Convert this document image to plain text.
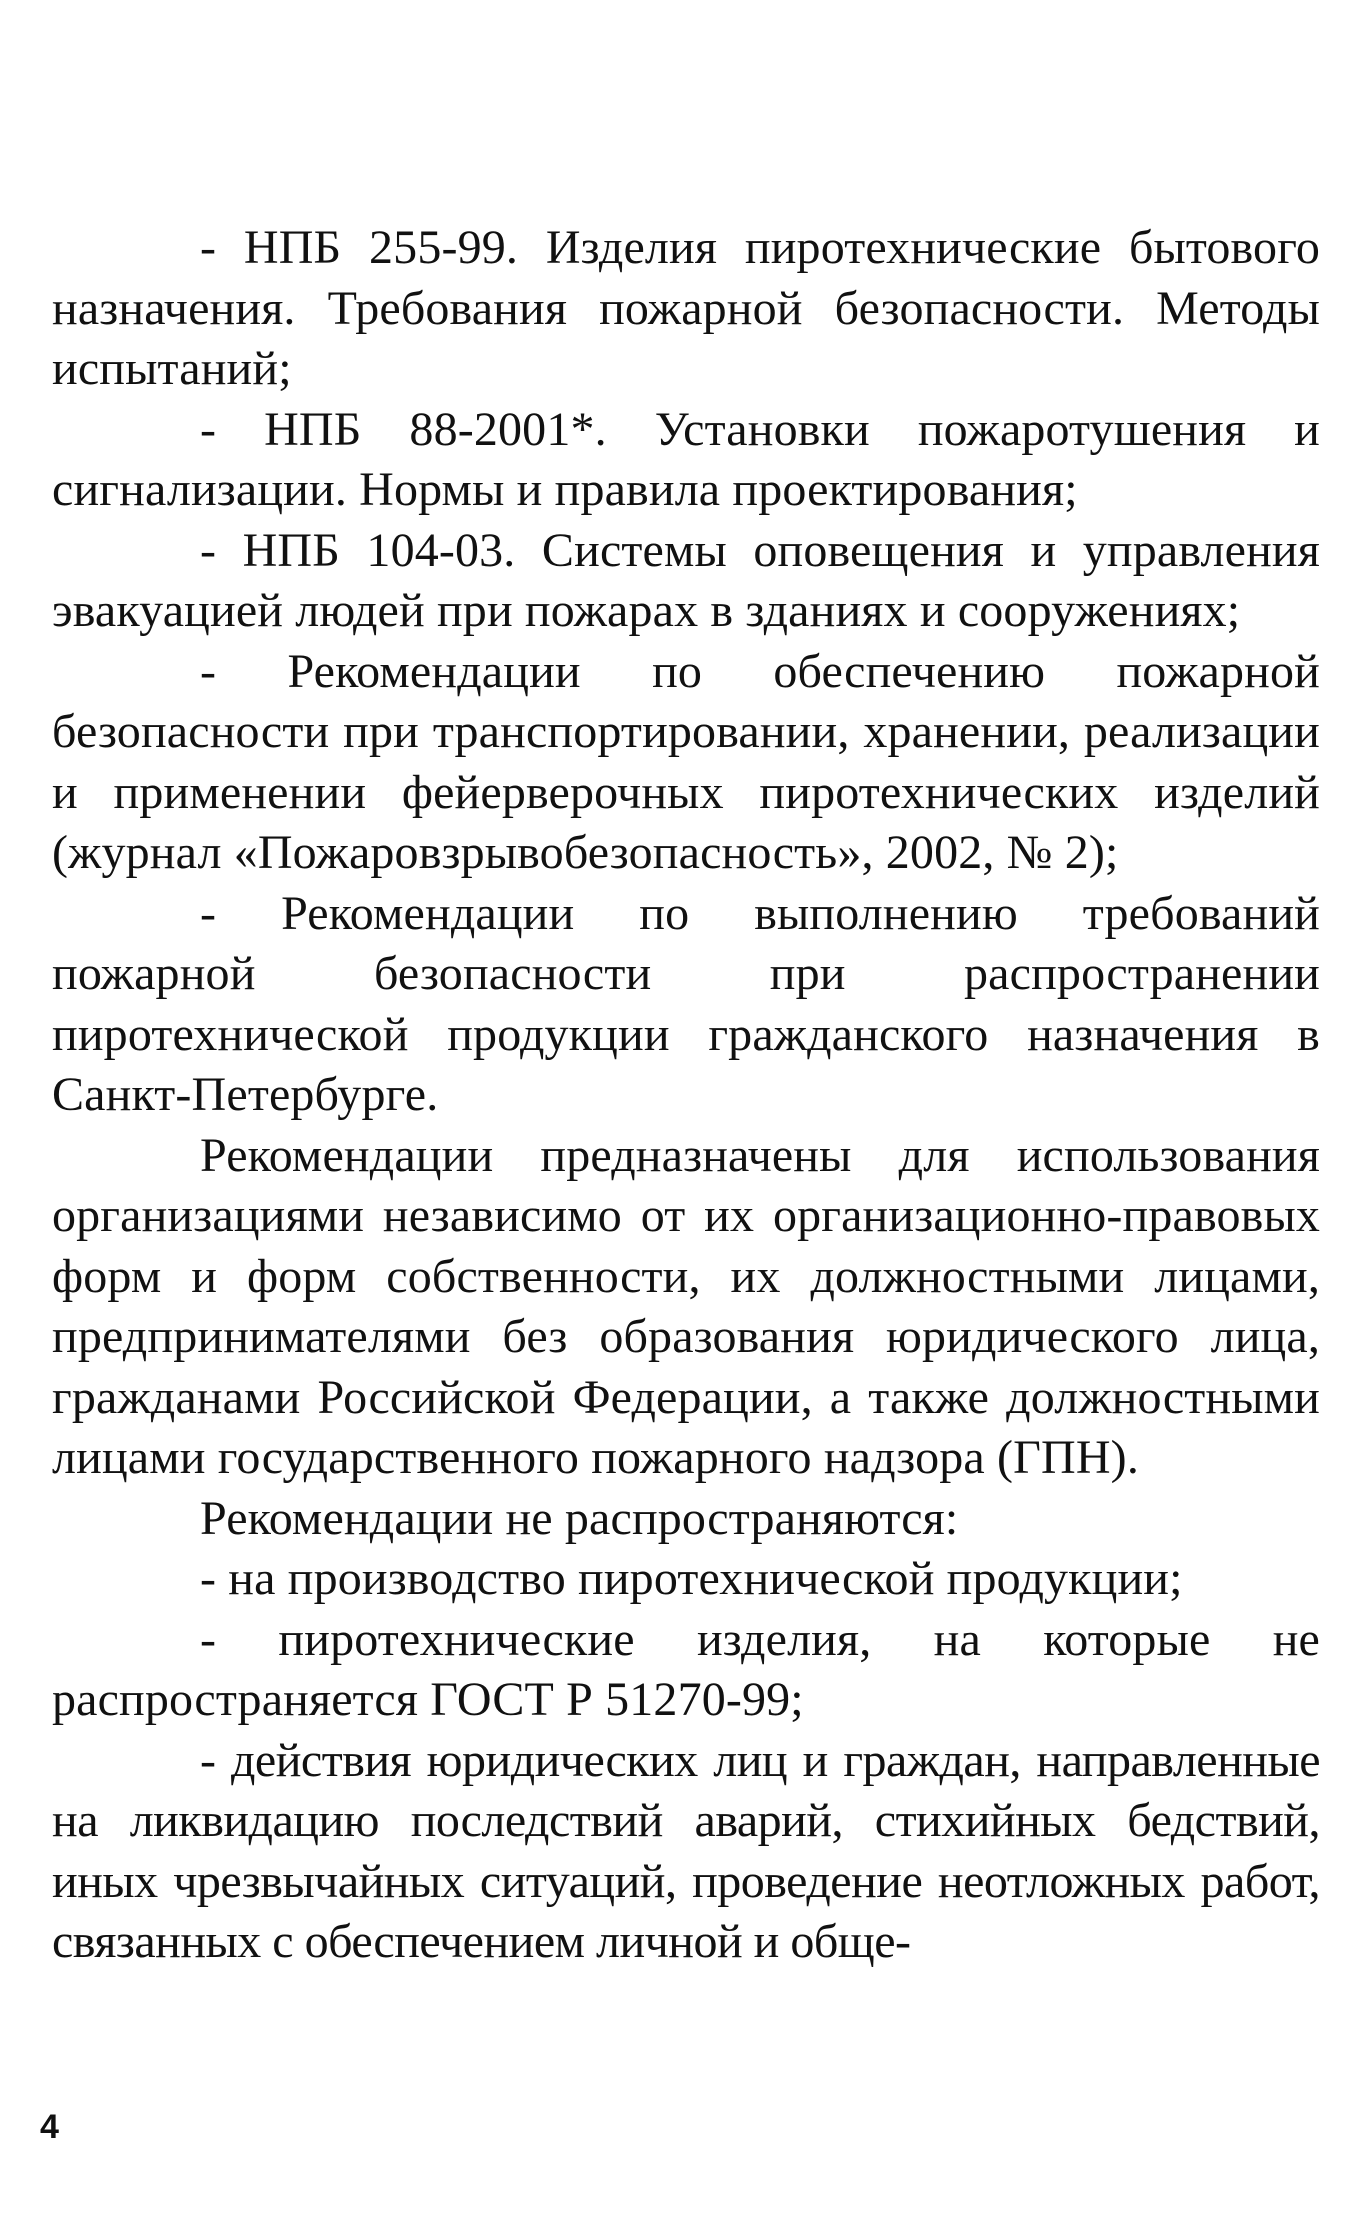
- НПБ 255-99. Изделия пиротехнические бытового назначения. Требования пожарной безопасности. Методы испытаний;

- НПБ 88-2001*. Установки пожаротушения и сигнализации. Нормы и правила проектирования;

- НПБ 104-03. Системы оповещения и управления эвакуацией людей при пожарах в зданиях и сооружениях;

- Рекомендации по обеспечению пожарной безопасности при транспортировании, хранении, реализации и применении фейерверочных пиротехнических изделий (журнал «Пожаровзрывобезопасность», 2002, № 2);

- Рекомендации по выполнению требований пожарной безопасности при распространении пиротехнической продукции гражданского назначения в Санкт-Петербурге.

Рекомендации предназначены для использования организациями независимо от их организационно-правовых форм и форм собственности, их должностными лицами, предпринимателями без образования юридического лица, гражданами Российской Федерации, а также должностными лицами государственного пожарного надзора (ГПН).

Рекомендации не распространяются:

- на производство пиротехнической продукции;

- пиротехнические изделия, на которые не распространяется ГОСТ Р 51270-99;

- действия юридических лиц и граждан, направленные на ликвидацию последствий аварий, стихийных бедствий, иных чрезвычайных ситуаций, проведение неотложных работ, связанных с обеспечением личной и обще-

4
